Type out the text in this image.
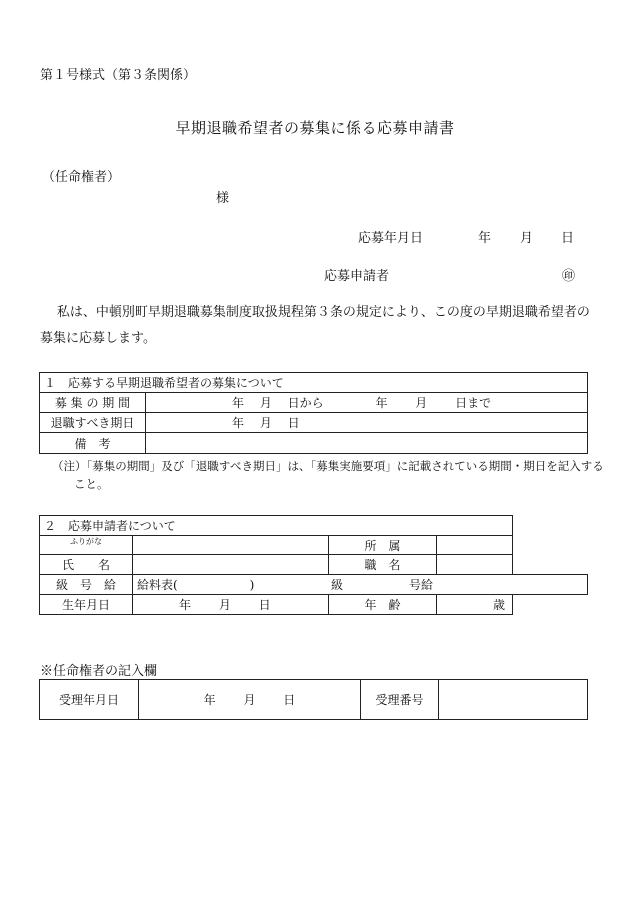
第１号様式（第３条関係）
早期退職希望者の募集に係る応募申請書
（任命権者）
様
応募年月日	年 月 日
応募申請者	㊞
私は、中頓別町早期退職募集制度取扱規程第３条の規定により、この度の早期退職希望者の募集に応募します。
１　応募する早期退職希望者の募集について	
募 集 の 期 間	年　 月　 日から　　　　 年　　 月　　 日まで
退職すべき期日	年　 月　 日
備　考	
（注）「募集の期間」及び「退職すべき期日」は、「募集実施要項」に記載されている期間・期日を記入すること。
２　応募申請者について			
ふりがな		所　属	
氏　　名		職　名	
級　号　給	給料表(　　　　　　) 級 号給		
生年月日	年　　 月　　 日	年　齢	歳
※任命権者の記入欄
受理年月日	年　　 月　　 日	受理番号	
